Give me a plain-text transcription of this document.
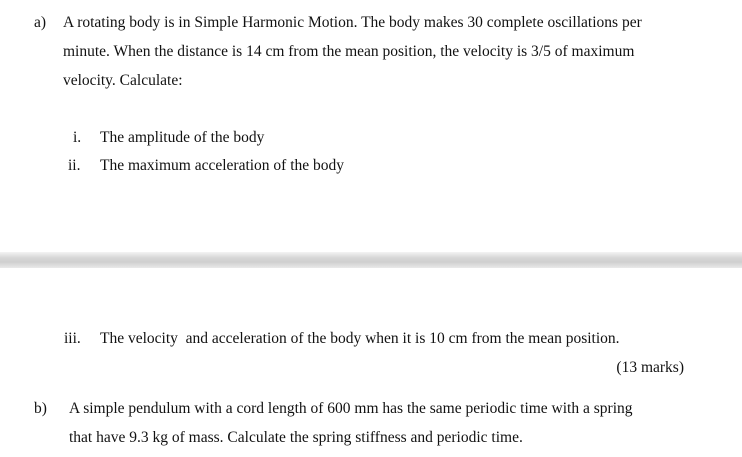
a) A rotating body is in Simple Harmonic Motion. The body makes 30 complete oscillations per
minute. When the distance is 14 cm from the mean position, the velocity is 3/5 of maximum
velocity. Calculate:
i. The amplitude of the body
ii. The maximum acceleration of the body
iii. The velocity  and acceleration of the body when it is 10 cm from the mean position.
(13 marks)
b) A simple pendulum with a cord length of 600 mm has the same periodic time with a spring
that have 9.3 kg of mass. Calculate the spring stiffness and periodic time.
